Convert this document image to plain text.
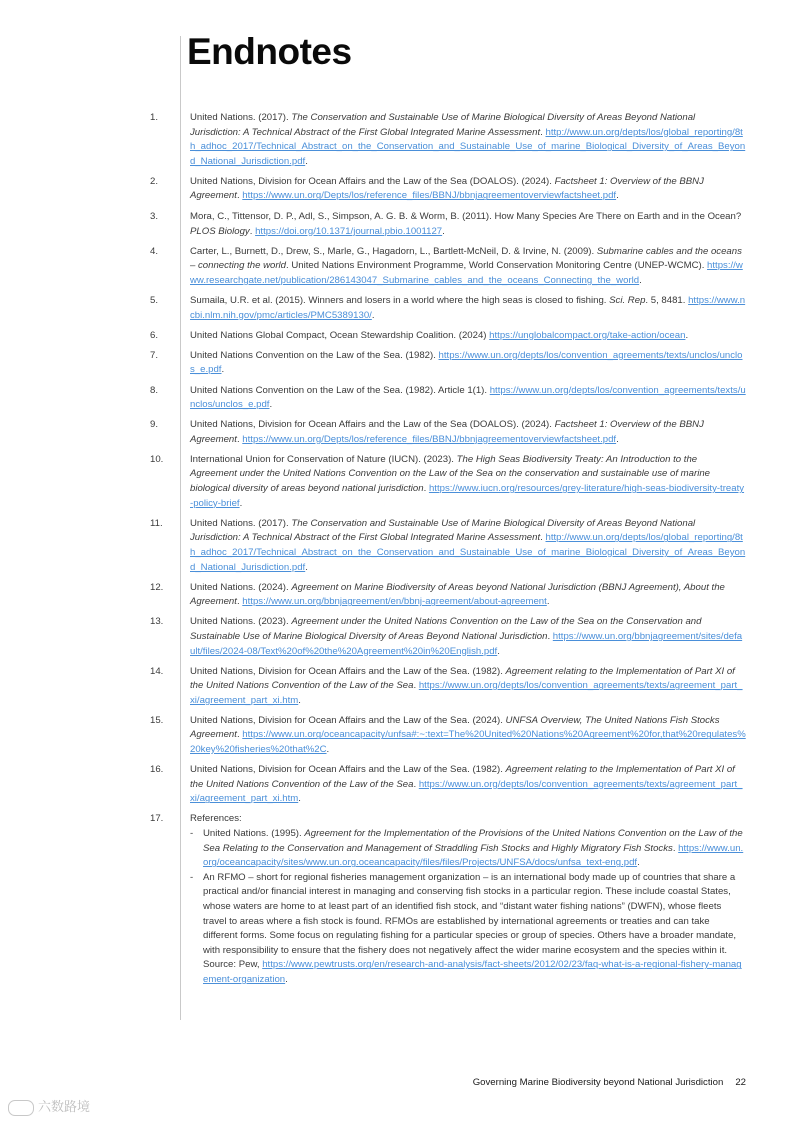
Endnotes
1.	United Nations. (2017). The Conservation and Sustainable Use of Marine Biological Diversity of Areas Beyond National Jurisdiction: A Technical Abstract of the First Global Integrated Marine Assessment. http://www.un.org/depts/los/global_reporting/8th_adhoc_2017/Technical_Abstract_on_the_Conservation_and_Sustainable_Use_of_marine_Biological_Diversity_of_Areas_Beyond_National_Jurisdiction.pdf.
2.	United Nations, Division for Ocean Affairs and the Law of the Sea (DOALOS). (2024). Factsheet 1: Overview of the BBNJ Agreement. https://www.un.org/Depts/los/reference_files/BBNJ/bbnjagreementoverviewfactsheet.pdf.
3.	Mora, C., Tittensor, D. P., Adl, S., Simpson, A. G. B. & Worm, B. (2011). How Many Species Are There on Earth and in the Ocean? PLOS Biology. https://doi.org/10.1371/journal.pbio.1001127.
4.	Carter, L., Burnett, D., Drew, S., Marle, G., Hagadorn, L., Bartlett-McNeil, D. & Irvine, N. (2009). Submarine cables and the oceans – connecting the world. United Nations Environment Programme, World Conservation Monitoring Centre (UNEP-WCMC). https://www.researchgate.net/publication/286143047_Submarine_cables_and_the_oceans_Connecting_the_world.
5.	Sumaila, U.R. et al. (2015). Winners and losers in a world where the high seas is closed to fishing. Sci. Rep. 5, 8481. https://www.ncbi.nlm.nih.gov/pmc/articles/PMC5389130/.
6.	United Nations Global Compact, Ocean Stewardship Coalition. (2024) https://unglobalcompact.org/take-action/ocean.
7.	United Nations Convention on the Law of the Sea. (1982). https://www.un.org/depts/los/convention_agreements/texts/unclos/unclos_e.pdf.
8.	United Nations Convention on the Law of the Sea. (1982). Article 1(1). https://www.un.org/depts/los/convention_agreements/texts/unclos/unclos_e.pdf.
9.	United Nations, Division for Ocean Affairs and the Law of the Sea (DOALOS). (2024). Factsheet 1: Overview of the BBNJ Agreement. https://www.un.org/Depts/los/reference_files/BBNJ/bbnjagreementoverviewfactsheet.pdf.
10.	International Union for Conservation of Nature (IUCN). (2023). The High Seas Biodiversity Treaty: An Introduction to the Agreement under the United Nations Convention on the Law of the Sea on the conservation and sustainable use of marine biological diversity of areas beyond national jurisdiction. https://www.iucn.org/resources/grey-literature/high-seas-biodiversity-treaty-policy-brief.
11.	United Nations. (2017). The Conservation and Sustainable Use of Marine Biological Diversity of Areas Beyond National Jurisdiction: A Technical Abstract of the First Global Integrated Marine Assessment. http://www.un.org/depts/los/global_reporting/8th_adhoc_2017/Technical_Abstract_on_the_Conservation_and_Sustainable_Use_of_marine_Biological_Diversity_of_Areas_Beyond_National_Jurisdiction.pdf.
12.	United Nations. (2024). Agreement on Marine Biodiversity of Areas beyond National Jurisdiction (BBNJ Agreement), About the Agreement. https://www.un.org/bbnjagreement/en/bbnj-agreement/about-agreement.
13.	United Nations. (2023). Agreement under the United Nations Convention on the Law of the Sea on the Conservation and Sustainable Use of Marine Biological Diversity of Areas Beyond National Jurisdiction. https://www.un.org/bbnjagreement/sites/default/files/2024-08/Text%20of%20the%20Agreement%20in%20English.pdf.
14.	United Nations, Division for Ocean Affairs and the Law of the Sea. (1982). Agreement relating to the Implementation of Part XI of the United Nations Convention of the Law of the Sea. https://www.un.org/depts/los/convention_agreements/texts/agreement_part_xi/agreement_part_xi.htm.
15.	United Nations, Division for Ocean Affairs and the Law of the Sea. (2024). UNFSA Overview, The United Nations Fish Stocks Agreement. https://www.un.org/oceancapacity/unfsa#:~:text=The%20United%20Nations%20Agreement%20for,that%20regulates%20key%20fisheries%20that%2C.
16.	United Nations, Division for Ocean Affairs and the Law of the Sea. (1982). Agreement relating to the Implementation of Part XI of the United Nations Convention of the Law of the Sea. https://www.un.org/depts/los/convention_agreements/texts/agreement_part_xi/agreement_part_xi.htm.
17.	References:
- United Nations. (1995). Agreement for the Implementation of the Provisions of the United Nations Convention on the Law of the Sea Relating to the Conservation and Management of Straddling Fish Stocks and Highly Migratory Fish Stocks. https://www.un.org/oceancapacity/sites/www.un.org.oceancapacity/files/files/Projects/UNFSA/docs/unfsa_text-eng.pdf.
- An RFMO – short for regional fisheries management organization – is an international body made up of countries that share a practical and/or financial interest in managing and conserving fish stocks in a particular region. These include coastal States, whose waters are home to at least part of an identified fish stock, and “distant water fishing nations” (DWFN), whose fleets travel to areas where a fish stock is found. RFMOs are established by international agreements or treaties and can take different forms. Some focus on regulating fishing for a particular species or group of species. Others have a broader mandate, with responsibility to ensure that the fishery does not negatively affect the wider marine ecosystem and the species within it. Source: Pew, https://www.pewtrusts.org/en/research-and-analysis/fact-sheets/2012/02/23/faq-what-is-a-regional-fishery-management-organization.
Governing Marine Biodiversity beyond National Jurisdiction 22
六数路境
